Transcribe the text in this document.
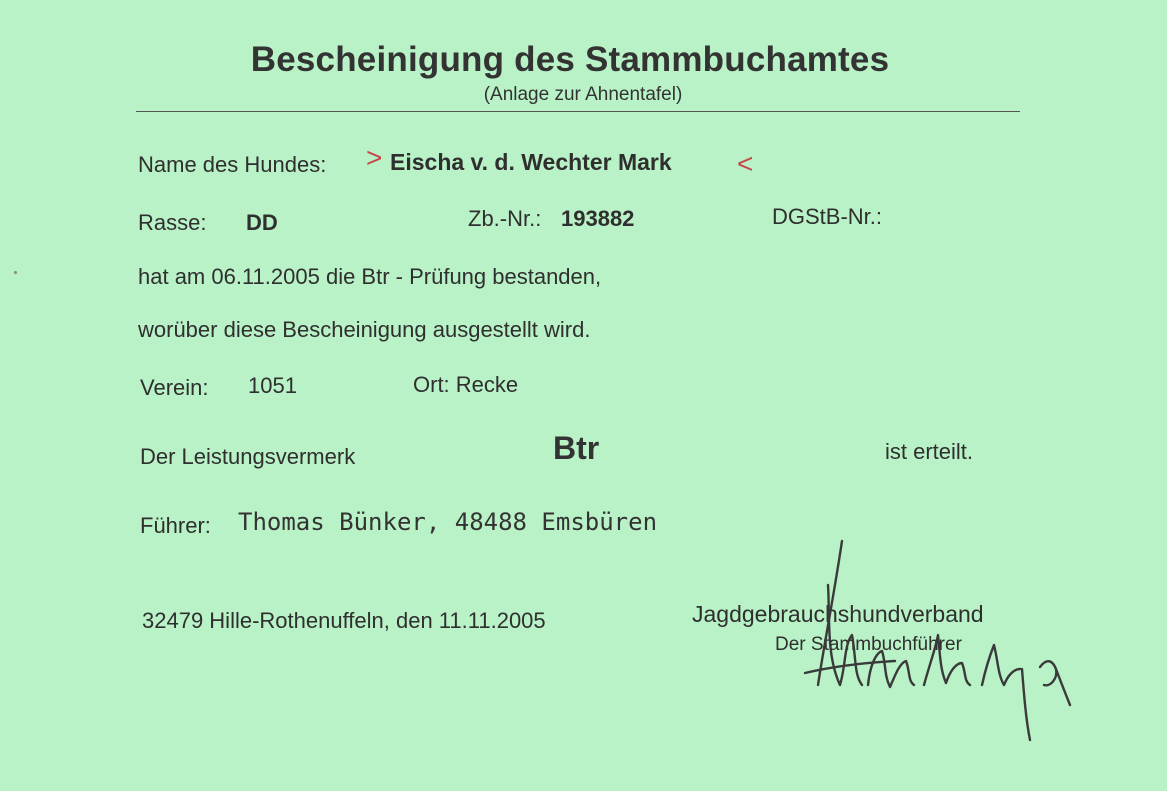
Bescheinigung des Stammbuchamtes
(Anlage zur Ahnentafel)
Name des Hundes: > Eischa v. d. Wechter Mark <
Rasse: DD	Zb.-Nr.: 193882	DGStB-Nr.:
hat am 06.11.2005 die Btr - Prüfung bestanden,
worüber diese Bescheinigung ausgestellt wird.
Verein: 1051	Ort: Recke
Der Leistungsvermerk	Btr	ist erteilt.
Führer: Thomas Bünker, 48488 Emsbüren
32479 Hille-Rothenuffeln, den 11.11.2005	Jagdgebrauchshundverband
Der Stammbuchführer
